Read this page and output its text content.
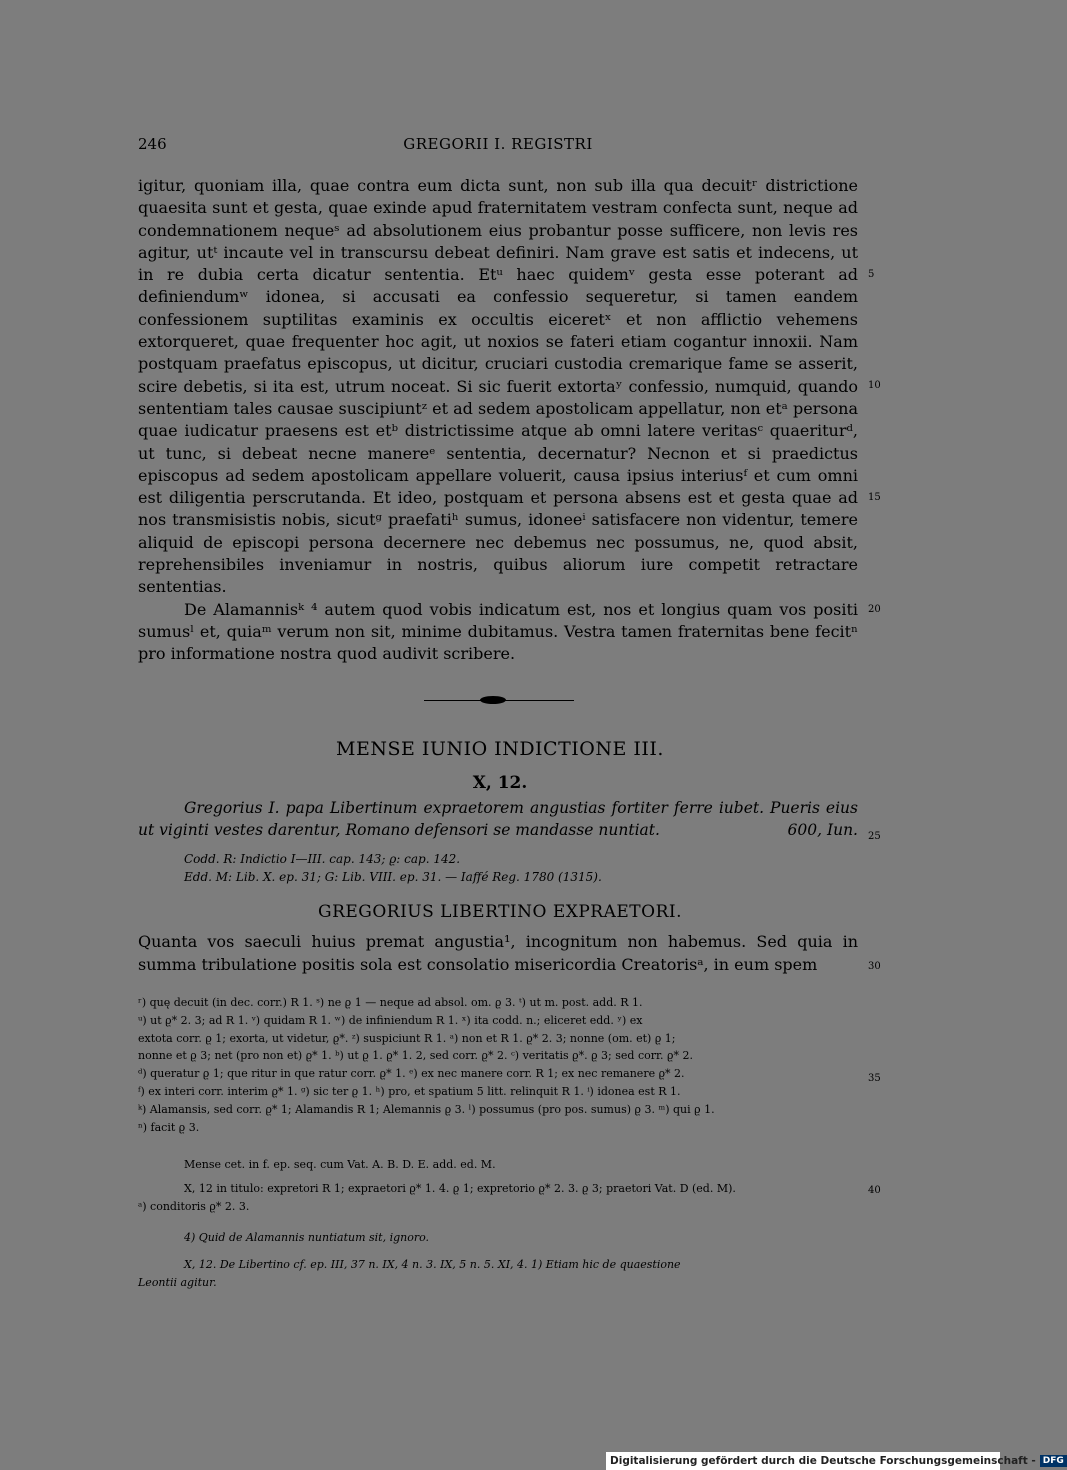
246	GREGORII I. REGISTRI

igitur, quoniam illa, quae contra eum dicta sunt, non sub illa qua decuitʳ districtione quaesita sunt et gesta, quae exinde apud fraternitatem vestram confecta sunt, neque ad condemnationem nequeˢ ad absolutionem eius probantur posse sufficere, non levis res agitur, utᵗ incaute vel in transcursu debeat definiri. Nam grave est satis et indecens, ut in re dubia certa dicatur sententia. Etᵘ haec quidemᵛ gesta esse poterant ad definiendumʷ idonea, si accusati ea confessio sequeretur, si tamen eandem confessionem suptilitas examinis ex occultis eiceretˣ et non afflictio vehemens extorqueret, quae frequenter hoc agit, ut noxios se fateri etiam cogantur innoxii. Nam postquam praefatus episcopus, ut dicitur, cruciari custodia cremarique fame se asserit, scire debetis, si ita est, utrum noceat. Si sic fuerit extortaʸ confessio, numquid, quando sententiam tales causae suscipiuntᶻ et ad sedem apostolicam appellatur, non etᵃ persona quae iudicatur praesens est etᵇ districtissime atque ab omni latere veritasᶜ quaeriturᵈ, ut tunc, si debeat necne manereᵉ sententia, decernatur? Necnon et si praedictus episcopus ad sedem apostolicam appellare voluerit, causa ipsius interiusᶠ et cum omni est diligentia perscrutanda. Et ideo, postquam et persona absens est et gesta quae ad nos transmisistis nobis, sicutᵍ praefatiʰ sumus, idoneeⁱ satisfacere non videntur, temere aliquid de episcopi persona decernere nec debemus nec possumus, ne, quod absit, reprehensibiles inveniamur in nostris, quibus aliorum iure competit retractare sententias.

De Alamannisᵏ ⁴ autem quod vobis indicatum est, nos et longius quam vos positi sumusˡ et, quiaᵐ verum non sit, minime dubitamus. Vestra tamen fraternitas bene fecitⁿ pro informatione nostra quod audivit scribere.

5
10
15
20
MENSE IUNIO INDICTIONE III.
X, 12.
Gregorius I. papa Libertinum expraetorem angustias fortiter ferre iubet. Pueris eius ut viginti vestes darentur, Romano defensori se mandasse nuntiat.	600, Iun. 25
Codd. R: Indictio I—III. cap. 143; ϱ: cap. 142.
Edd. M: Lib. X. ep. 31; G: Lib. VIII. ep. 31. — Iaffé Reg. 1780 (1315).
GREGORIUS LIBERTINO EXPRAETORI.
Quanta vos saeculi huius premat angustia¹, incognitum non habemus. Sed quia in summa tribulatione positis sola est consolatio misericordia Creatorisᵃ, in eum spem	30
ʳ) quę decuit (in dec. corr.) R 1. ˢ) ne ϱ 1 — neque ad absol. om. ϱ 3. ᵗ) ut m. post. add. R 1.
ᵘ) ut ϱ* 2. 3; ad R 1. ᵛ) quidam R 1. ʷ) de infiniendum R 1. ˣ) ita codd. n.; eliceret edd. ʸ) ex
extota corr. ϱ 1; exorta, ut videtur, ϱ*. ᶻ) suspiciunt R 1. ᵃ) non et R 1. ϱ* 2. 3; nonne (om. et) ϱ 1;
nonne et ϱ 3; net (pro non et) ϱ* 1. ᵇ) ut ϱ 1. ϱ* 1. 2, sed corr. ϱ* 2. ᶜ) veritatis ϱ*. ϱ 3; sed corr. ϱ* 2.
ᵈ) queratur ϱ 1; que ritur in que ratur corr. ϱ* 1. ᵉ) ex nec manere corr. R 1; ex nec remanere ϱ* 2.
ᶠ) ex interi corr. interim ϱ* 1. ᵍ) sic ter ϱ 1. ʰ) pro, et spatium 5 litt. relinquit R 1. ⁱ) idonea est R 1.
ᵏ) Alamansis, sed corr. ϱ* 1; Alamandis R 1; Alemannis ϱ 3. ˡ) possumus (pro pos. sumus) ϱ 3. ᵐ) qui ϱ 1.
ⁿ) facit ϱ 3.
35
Mense cet. in f. ep. seq. cum Vat. A. B. D. E. add. ed. M.
X, 12 in titulo: expretori R 1; expraetori ϱ* 1. 4. ϱ 1; expretorio ϱ* 2. 3. ϱ 3; praetori Vat. D (ed. M).
ᵃ) conditoris ϱ* 2. 3.
40
4) Quid de Alamannis nuntiatum sit, ignoro.
X, 12. De Libertino cf. ep. III, 37 n. IX, 4 n. 3. IX, 5 n. 5. XI, 4. 1) Etiam hic de quaestione
Leontii agitur.
Digitalisierung gefördert durch die Deutsche Forschungsgemeinschaft - DFG
